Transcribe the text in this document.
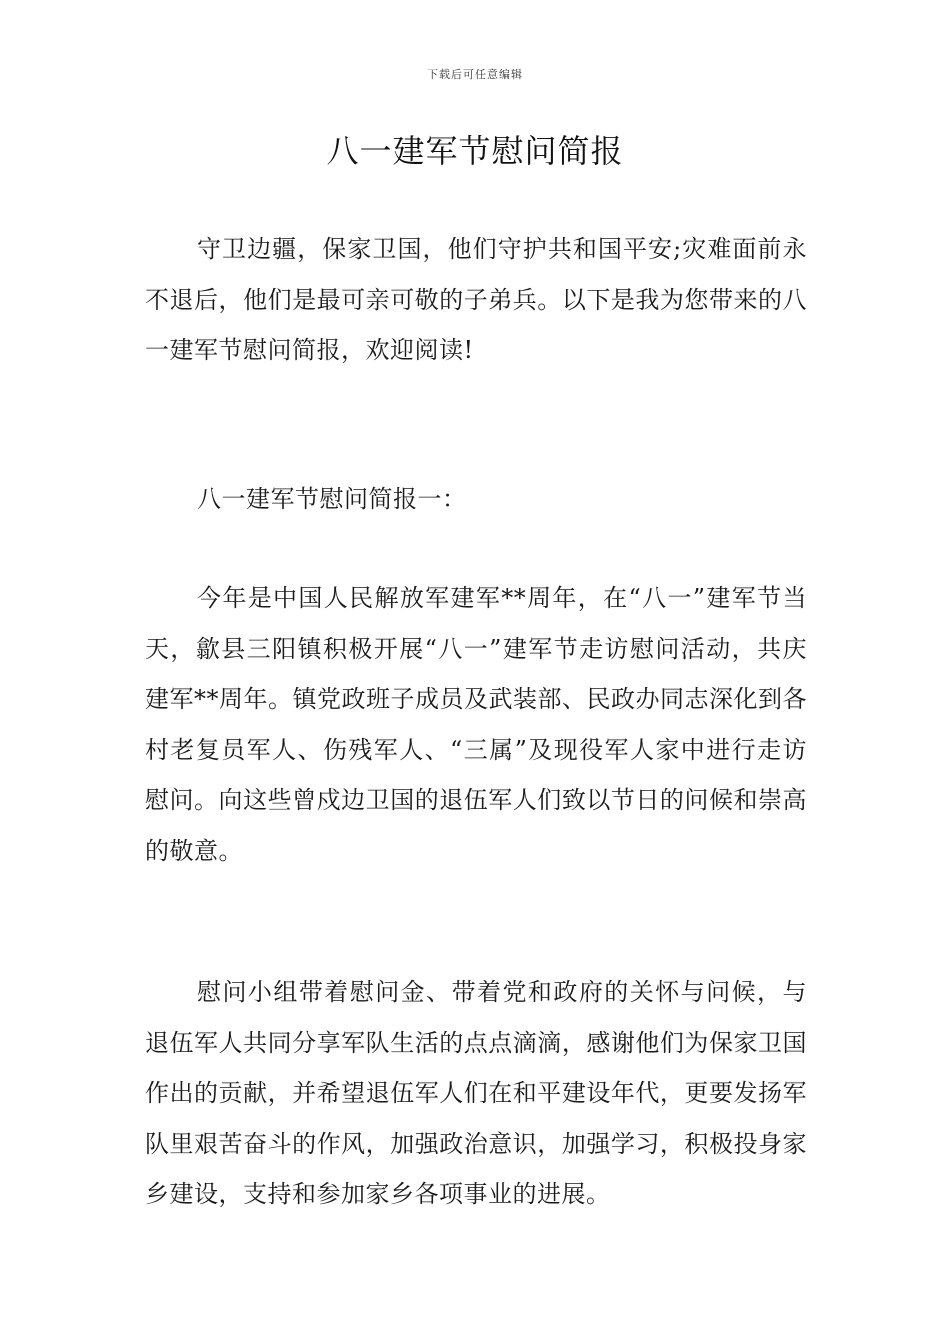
下载后可任意编辑
八一建军节慰问简报

守卫边疆，保家卫国，他们守护共和国平安;灾难面前永不退后，他们是最可亲可敬的子弟兵。以下是我为您带来的八一建军节慰问简报，欢迎阅读!

八一建军节慰问简报一：

今年是中国人民解放军建军**周年，在“八一”建军节当天，歙县三阳镇积极开展“八一”建军节走访慰问活动，共庆建军**周年。镇党政班子成员及武装部、民政办同志深化到各村老复员军人、伤残军人、“三属”及现役军人家中进行走访慰问。向这些曾戍边卫国的退伍军人们致以节日的问候和崇高的敬意。

慰问小组带着慰问金、带着党和政府的关怀与问候，与退伍军人共同分享军队生活的点点滴滴，感谢他们为保家卫国作出的贡献，并希望退伍军人们在和平建设年代，更要发扬军队里艰苦奋斗的作风，加强政治意识，加强学习，积极投身家乡建设，支持和参加家乡各项事业的进展。
